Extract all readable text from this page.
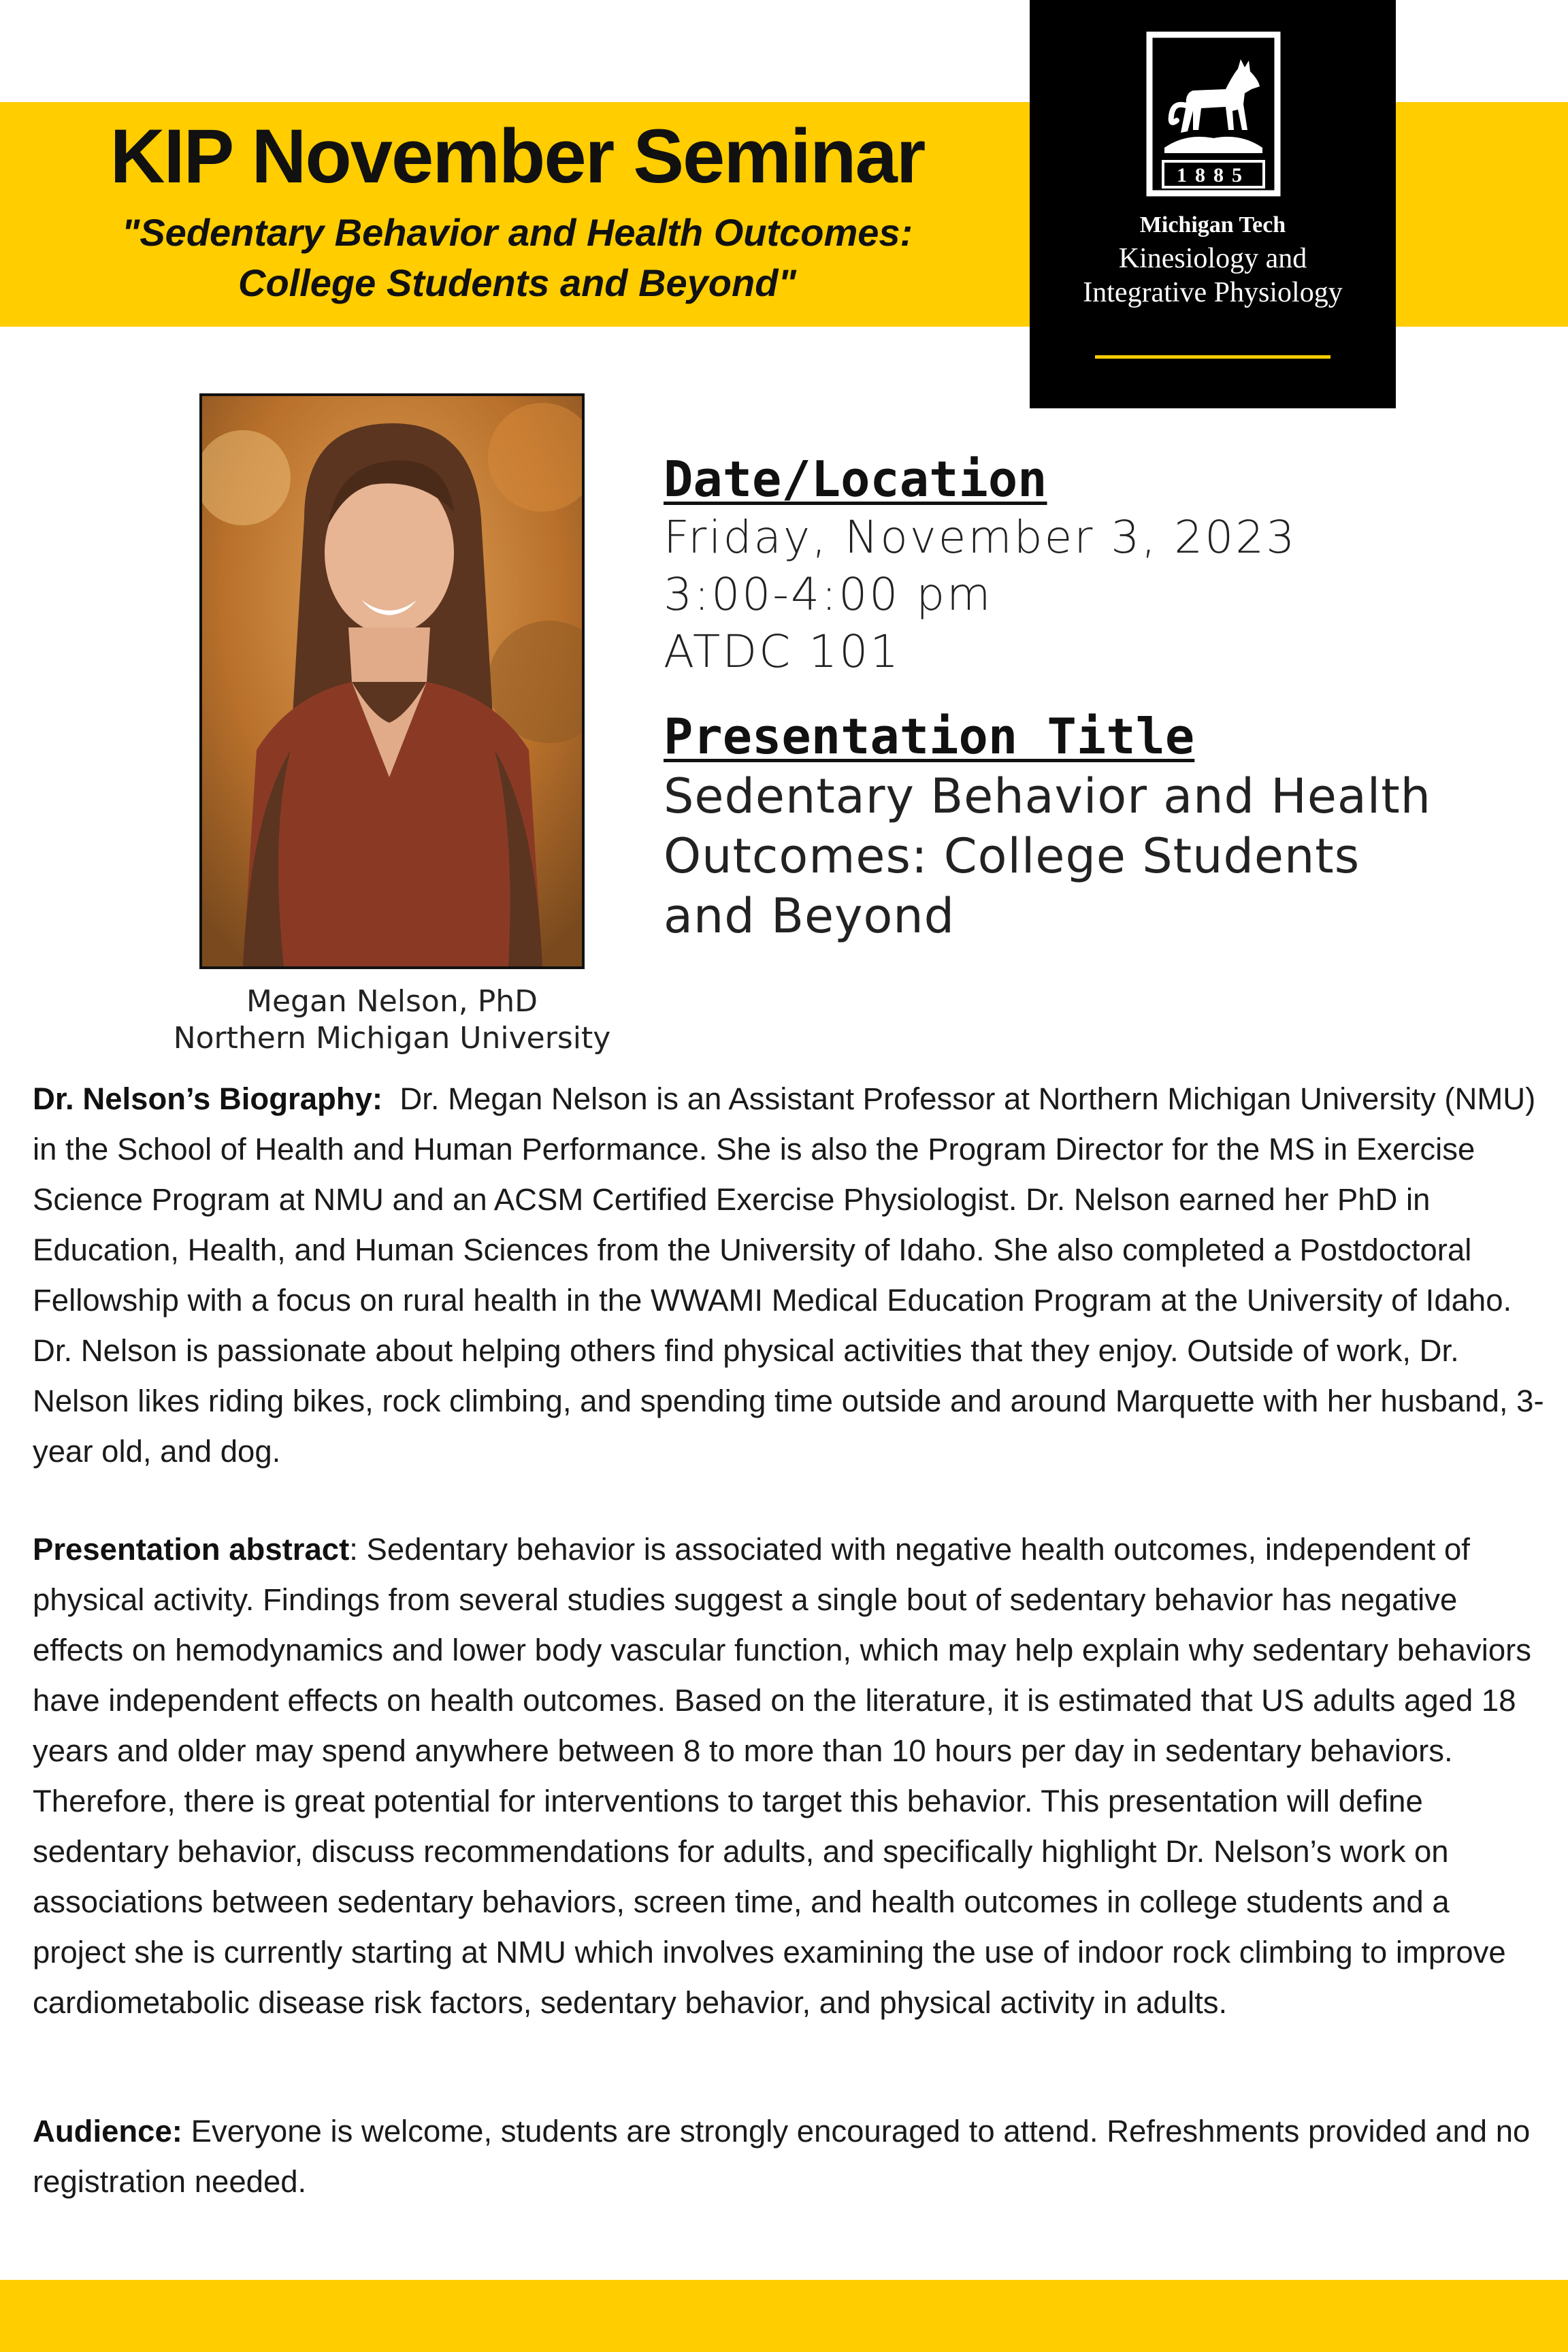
KIP November Seminar
"Sedentary Behavior and Health Outcomes:
College Students and Beyond"
1885
Michigan Tech
Kinesiology and
Integrative Physiology
Megan Nelson, PhD
Northern Michigan University
Date/Location
Friday, November 3, 2023
3:00-4:00 pm
ATDC 101
Presentation Title
Sedentary Behavior and Health
Outcomes: College Students
and Beyond
Dr. Nelson’s Biography: Dr. Megan Nelson is an Assistant Professor at Northern Michigan University (NMU) in the School of Health and Human Performance. She is also the Program Director for the MS in Exercise Science Program at NMU and an ACSM Certified Exercise Physiologist. Dr. Nelson earned her PhD in Education, Health, and Human Sciences from the University of Idaho. She also completed a Postdoctoral Fellowship with a focus on rural health in the WWAMI Medical Education Program at the University of Idaho. Dr. Nelson is passionate about helping others find physical activities that they enjoy. Outside of work, Dr. Nelson likes riding bikes, rock climbing, and spending time outside and around Marquette with her husband, 3-year old, and dog.
Presentation abstract: Sedentary behavior is associated with negative health outcomes, independent of physical activity. Findings from several studies suggest a single bout of sedentary behavior has negative effects on hemodynamics and lower body vascular function, which may help explain why sedentary behaviors have independent effects on health outcomes. Based on the literature, it is estimated that US adults aged 18 years and older may spend anywhere between 8 to more than 10 hours per day in sedentary behaviors. Therefore, there is great potential for interventions to target this behavior. This presentation will define sedentary behavior, discuss recommendations for adults, and specifically highlight Dr. Nelson’s work on associations between sedentary behaviors, screen time, and health outcomes in college students and a project she is currently starting at NMU which involves examining the use of indoor rock climbing to improve cardiometabolic disease risk factors, sedentary behavior, and physical activity in adults.
Audience: Everyone is welcome, students are strongly encouraged to attend. Refreshments provided and no registration needed.
